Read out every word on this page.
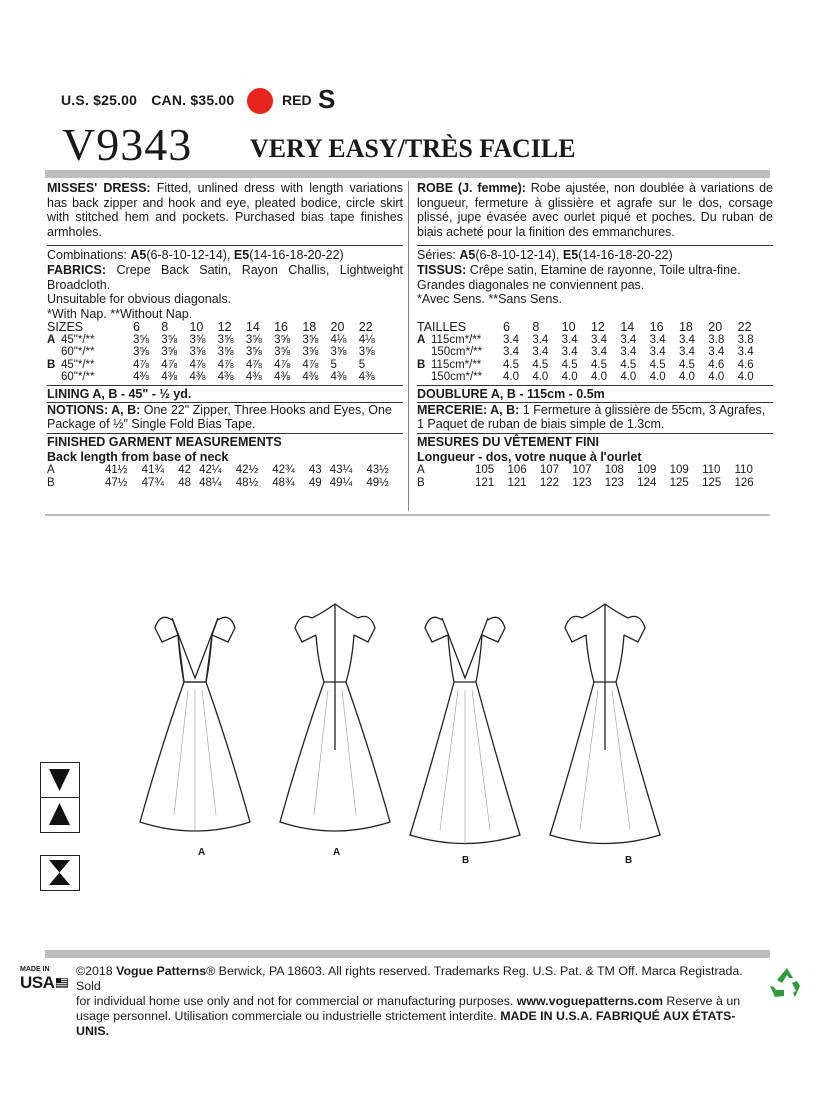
U.S. $25.00 CAN. $35.00	RED S
V9343 VERY EASY/TRÈS FACILE

MISSES' DRESS: Fitted, unlined dress with length variations has back zipper and hook and eye, pleated bodice, circle skirt with stitched hem and pockets. Purchased bias tape finishes armholes.

Combinations: A5(6-8-10-12-14), E5(14-16-18-20-22)

FABRICS: Crepe Back Satin, Rayon Challis, Lightweight Broadcloth.

Unsuitable for obvious diagonals.

*With Nap. **Without Nap.

SIZES	6	8	10	12	14	16	18	20	22
A 45"*/**	3⅝	3⅝	3⅝	3⅝	3⅝	3⅝	3⅝	4⅛	4⅛
60"*/**	3⅝	3⅝	3⅝	3⅝	3⅝	3⅝	3⅝	3⅝	3⅝
B 45"*/**	4⅞	4⅞	4⅞	4⅞	4⅞	4⅞	4⅞	5	5
60"*/**	4⅜	4⅜	4⅜	4⅜	4⅜	4⅜	4⅜	4⅜	4⅜

LINING A, B - 45" - ½ yd.

NOTIONS: A, B: One 22" Zipper, Three Hooks and Eyes, One Package of ½" Single Fold Bias Tape.

FINISHED GARMENT MEASUREMENTS

Back length from base of neck

A	41½	41¾	42	42¼	42½	42¾	43	43¼	43½
B	47½	47¾	48	48¼	48½	48¾	49	49¼	49½

ROBE (J. femme): Robe ajustée, non doublée à variations de longueur, fermeture à glissière et agrafe sur le dos, corsage plissé, jupe évasée avec ourlet piqué et poches. Du ruban de biais acheté pour la finition des emmanchures.

Séries: A5(6-8-10-12-14), E5(14-16-18-20-22)

TISSUS: Crêpe satin, Etamine de rayonne, Toile ultra-fine.

Grandes diagonales ne conviennent pas.

*Avec Sens. **Sans Sens.

TAILLES	6	8	10	12	14	16	18	20	22
A 115cm*/**	3.4	3.4	3.4	3.4	3.4	3.4	3.4	3.8	3.8
150cm*/**	3.4	3.4	3.4	3.4	3.4	3.4	3.4	3.4	3.4
B 115cm*/**	4.5	4.5	4.5	4.5	4.5	4.5	4.5	4.6	4.6
150cm*/**	4.0	4.0	4.0	4.0	4.0	4.0	4.0	4.0	4.0

DOUBLURE A, B - 115cm - 0.5m

MERCERIE: A, B: 1 Fermeture à glissière de 55cm, 3 Agrafes, 1 Paquet de ruban de biais simple de 1.3cm.

MESURES DU VÊTEMENT FINI

Longueur - dos, votre nuque à l'ourlet

A	105	106	107	107	108	109	109	110	110
B	121	121	122	123	123	124	125	125	126
A	A
B	B
MADE IN
USA
©2018 Vogue Patterns® Berwick, PA 18603. All rights reserved. Trademarks Reg. U.S. Pat. & TM Off. Marca Registrada. Sold
for individual home use only and not for commercial or manufacturing purposes. www.voguepatterns.com Reserve à un
usage personnel. Utilisation commerciale ou industrielle strictement interdite. MADE IN U.S.A. FABRIQUÉ AUX ÉTATS-UNIS.
